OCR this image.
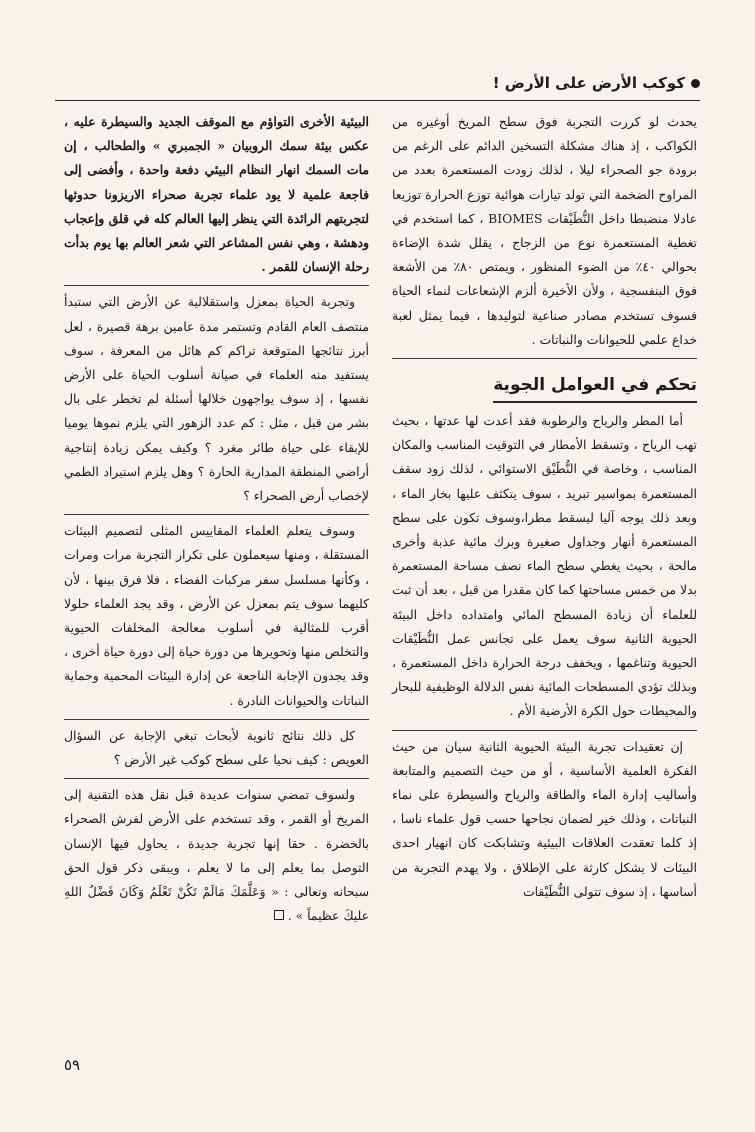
كوكب الأرض على الأرض !

يحدث لو كررت التجربة فوق سطح المريخ أوغيره من الكواكب ، إذ هناك مشكلة التسخين الدائم على الرغم من برودة جو الصحراء ليلا ، لذلك زودت المستعمرة بعدد من المراوح الضخمة التي تولد تيارات هوائية توزع الحرارة توزيعا عادلا منضبطا داخل النُّطَيْقات BIOMES ، كما استخدم في تغطية المستعمرة نوع من الزجاج ، يقلل شدة الإضاءة بحوالي ٤٠٪ من الضوء المنظور ، ويمتص ٨٠٪ من الأشعة فوق البنفسجية ، ولأن الأخيرة ألزم الإشعاعات لنماء الحياة فسوف تستخدم مصادر صناعية لتوليدها ، فيما يمثل لعبة خداع علمي للحيوانات والنباتات .

تحكم في العوامل الجوية

أما المطر والرياح والرطوبة فقد أعدت لها عدتها ، بحيث تهب الرياح ، وتسقط الأمطار في التوقيت المناسب والمكان المناسب ، وخاصة في النُّطَيْق الاستوائي ، لذلك زود سقف المستعمرة بمواسير تبريد ، سوف يتكثف عليها بخار الماء ، وبعد ذلك يوجه آليا ليسقط مطرا،وسوف تكون على سطح المستعمرة أنهار وجداول صغيرة وبرك مائية عذبة وأخرى مالحة ، بحيث يغطي سطح الماء نصف مساحة المستعمرة بدلا من خمس مساحتها كما كان مقدرا من قبل ، بعد أن ثبت للعلماء أن زيادة المسطح المائي وامتداده داخل البيئة الحيوية الثانية سوف يعمل على تجانس عمل النُّطَيْقات الحيوية وتناغمها ، ويخفف درجة الحرارة داخل المستعمرة ، وبذلك تؤدي المسطحات المائية نفس الدلالة الوظيفية للبحار والمحيطات حول الكرة الأرضية الأم .

إن تعقيدات تجربة البيئة الحيوية الثانية سيان من حيث الفكرة العلمية الأساسية ، أو من حيث التصميم والمتابعة وأساليب إدارة الماء والطاقة والرياح والسيطرة على نماء النباتات ، وذلك خير لضمان نجاحها حسب قول علماء ناسا ، إذ كلما تعقدت العلاقات البيئية وتشابكت كان انهيار احدى البيئات لا يشكل كارثة على الإطلاق ، ولا يهدم التجربة من أساسها ، إذ سوف تتولى النُّطَيْقات

البيئية الأخرى التواؤم مع الموقف الجديد والسيطرة عليه ، عكس بيئة سمك الروبيان « الجمبري » والطحالب ، إن مات السمك انهار النظام البيئي دفعة واحدة ، وأفضى إلى فاجعة علمية لا يود علماء تجربة صحراء الاريزونا حدوثها لتجربتهم الرائدة التي ينظر إليها العالم كله في قلق وإعجاب ودهشة ، وهي نفس المشاعر التي شعر العالم بها يوم بدأت رحلة الإنسان للقمر .

وتجربة الحياة بمعزل واستقلالية عن الأرض التي ستبدأ منتصف العام القادم وتستمر مدة عامين برهة قصيرة ، لعل أبرز نتائجها المتوقعة تراكم كم هائل من المعرفة ، سوف يستفيد منه العلماء في صيانة أسلوب الحياة على الأرض نفسها ، إذ سوف يواجهون خلالها أسئلة لم تخطر على بال بشر من قبل ، مثل : كم عدد الزهور التي يلزم نموها يوميا للإبقاء على حياة طائر مغرد ؟ وكيف يمكن زيادة إنتاجية أراضي المنطقة المدارية الحارة ؟ وهل يلزم استيراد الطمي لإخصاب أرض الصحراء ؟

وسوف يتعلم العلماء المقاييس المثلى لتصميم البيئات المستقلة ، ومنها سيعملون على تكرار التجربة مرات ومرات ، وكأنها مسلسل سفر مركبات الفضاء ، فلا فرق بينها ، لأن كليهما سوف يتم بمعزل عن الأرض ، وقد يجد العلماء حلولا أقرب للمثالية في أسلوب معالجة المخلفات الحيوية والتخلص منها وتحويرها من دورة حياة إلى دورة حياة أخرى ، وقد يجدون الإجابة الناجعة عن إدارة البيئات المحمية وحماية النباتات والحيوانات النادرة .

كل ذلك نتائج ثانوية لأبحاث تبغي الإجابة عن السؤال العويص : كيف نحيا على سطح كوكب غير الأرض ؟

ولسوف تمضي سنوات عديدة قبل نقل هذه التقنية إلى المريخ أو القمر ، وقد تستخدم على الأرض لفرش الصحراء بالخضرة . حقا إنها تجربة جديدة ، يحاول فيها الإنسان التوصل بما يعلم إلى ما لا يعلم ، ويبقى ذكر قول الحق سبحانه وتعالى : « وَعَلَّمَكَ مَالَمْ تَكُنْ تَعْلَمُ وَكَانَ فَضْلُ اللهِ عليكَ عظيماً » .

٥٩
